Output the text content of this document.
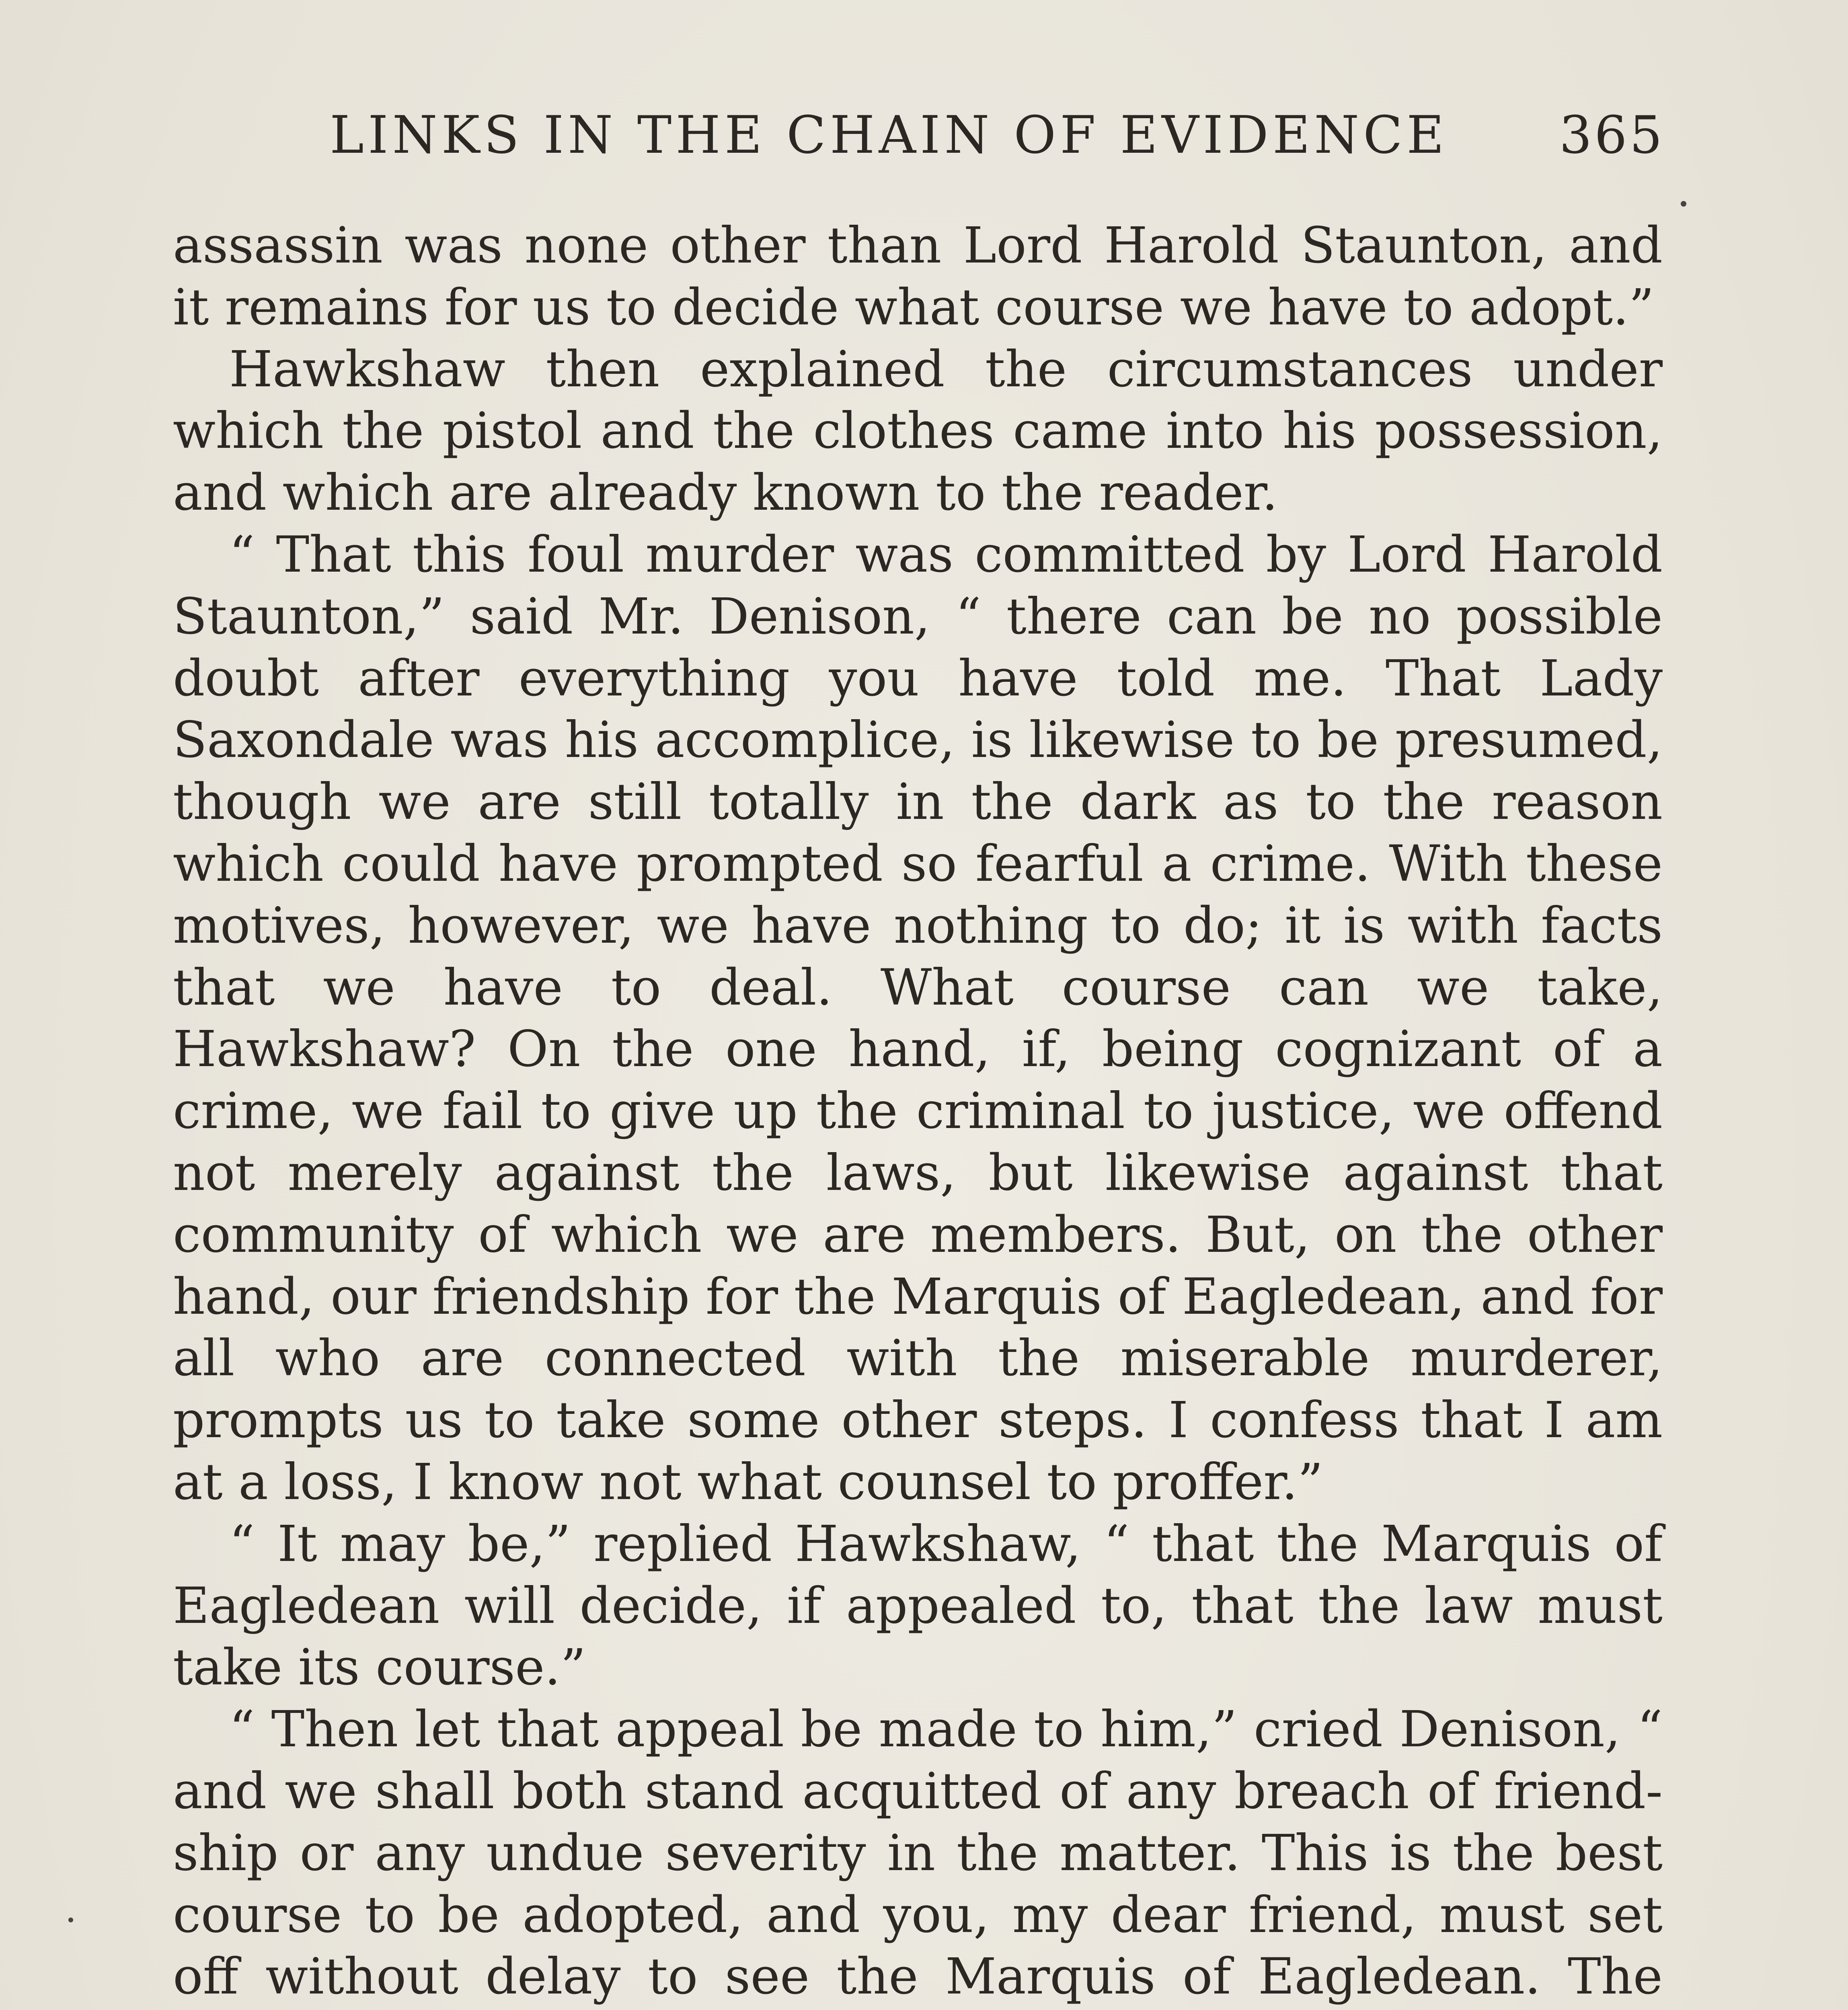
LINKS IN THE CHAIN OF EVIDENCE 365

assassin was none other than Lord Harold Staunton, and it remains for us to decide what course we have to adopt.”

Hawkshaw then explained the circumstances under which the pistol and the clothes came into his possession, and which are already known to the reader.

“ That this foul murder was committed by Lord Harold Staunton,” said Mr. Denison, “ there can be no possible doubt after everything you have told me. That Lady Saxondale was his accomplice, is likewise to be presumed, though we are still totally in the dark as to the reason which could have prompted so fearful a crime. With these motives, however, we have nothing to do; it is with facts that we have to deal. What course can we take, Hawkshaw? On the one hand, if, being cognizant of a crime, we fail to give up the criminal to justice, we offend not merely against the laws, but likewise against that community of which we are members. But, on the other hand, our friendship for the Marquis of Eagledean, and for all who are connected with the miserable murderer, prompts us to take some other steps. I confess that I am at a loss, I know not what counsel to proffer.”

“ It may be,” replied Hawkshaw, “ that the Marquis of Eagledean will decide, if appealed to, that the law must take its course.”

“ Then let that appeal be made to him,” cried Denison, “ and we shall both stand acquitted of any breach of friendship or any undue severity in the matter. This is the best course to be adopted, and you, my dear friend, must set off without delay to see the Marquis of Eagledean. The
